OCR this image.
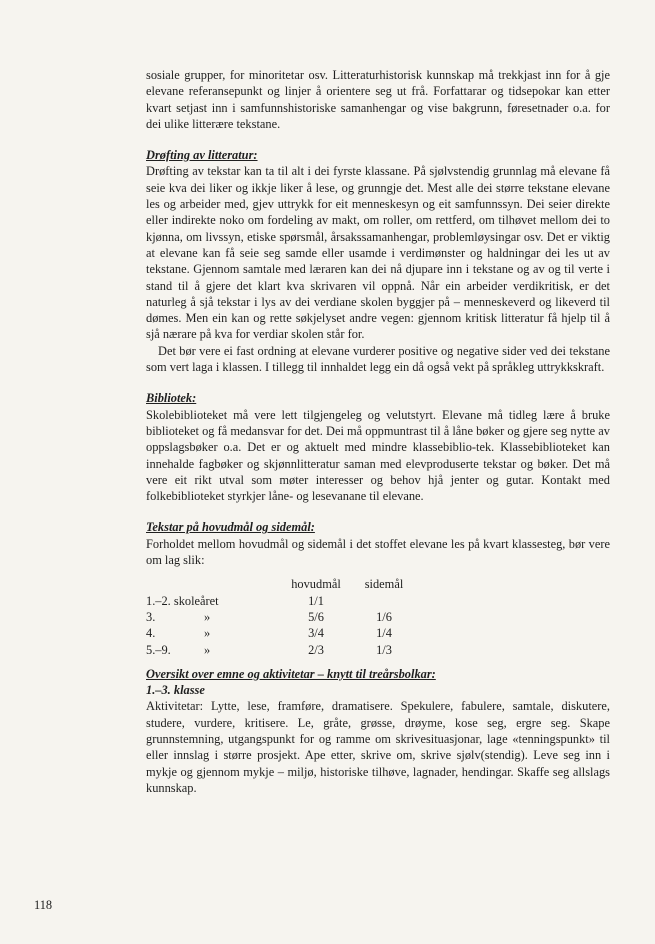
sosiale grupper, for minoritetar osv. Litteraturhistorisk kunnskap må trekkjast inn for å gje elevane referansepunkt og linjer å orientere seg ut frå. Forfattarar og tidsepokar kan etter kvart setjast inn i samfunnshistoriske samanhengar og vise bakgrunn, føresetnader o.a. for dei ulike litterære tekstane.

Drøfting av litteratur:

Drøfting av tekstar kan ta til alt i dei fyrste klassane. På sjølvstendig grunnlag må elevane få seie kva dei liker og ikkje liker å lese, og grunngje det. Mest alle dei større tekstane elevane les og arbeider med, gjev uttrykk for eit menneskesyn og eit samfunnssyn. Dei seier direkte eller indirekte noko om fordeling av makt, om roller, om rettferd, om tilhøvet mellom dei to kjønna, om livssyn, etiske spørsmål, årsakssamanhengar, problemløysingar osv. Det er viktig at elevane kan få seie seg samde eller usamde i verdimønster og haldningar dei les ut av tekstane. Gjennom samtale med læraren kan dei nå djupare inn i tekstane og av og til verte i stand til å gjere det klart kva skrivaren vil oppnå. Når ein arbeider verdikritisk, er det naturleg å sjå tekstar i lys av dei verdiane skolen byggjer på – menneskeverd og likeverd til dømes. Men ein kan og rette søkjelyset andre vegen: gjennom kritisk litteratur få hjelp til å sjå nærare på kva for verdiar skolen står for.

Det bør vere ei fast ordning at elevane vurderer positive og negative sider ved dei tekstane som vert laga i klassen. I tillegg til innhaldet legg ein då også vekt på språkleg uttrykkskraft.

Bibliotek:

Skolebiblioteket må vere lett tilgjengeleg og velutstyrt. Elevane må tidleg lære å bruke biblioteket og få medansvar for det. Dei må oppmuntrast til å låne bøker og gjere seg nytte av oppslagsbøker o.a. Det er og aktuelt med mindre klassebiblio-tek. Klassebiblioteket kan innehalde fagbøker og skjønnlitteratur saman med elevproduserte tekstar og bøker. Det må vere eit rikt utval som møter interesser og behov hjå jenter og gutar. Kontakt med folkebiblioteket styrkjer låne- og lesevanane til elevane.

Tekstar på hovudmål og sidemål:

Forholdet mellom hovudmål og sidemål i det stoffet elevane les på kvart klassesteg, bør vere om lag slik:

		hovudmål	sidemål
1.–2. skoleåret		1/1	
3.	»	5/6	1/6
4.	»	3/4	1/4
5.–9.	»	2/3	1/3
Oversikt over emne og aktivitetar – knytt til treårsbolkar:
1.–3. klasse

Aktivitetar: Lytte, lese, framføre, dramatisere. Spekulere, fabulere, samtale, diskutere, studere, vurdere, kritisere. Le, gråte, grøsse, drøyme, kose seg, ergre seg. Skape grunnstemning, utgangspunkt for og ramme om skrivesituasjonar, lage «tenningspunkt» til eller innslag i større prosjekt. Ape etter, skrive om, skrive sjølv(stendig). Leve seg inn i mykje og gjennom mykje – miljø, historiske tilhøve, lagnader, hendingar. Skaffe seg allslags kunnskap.

118
